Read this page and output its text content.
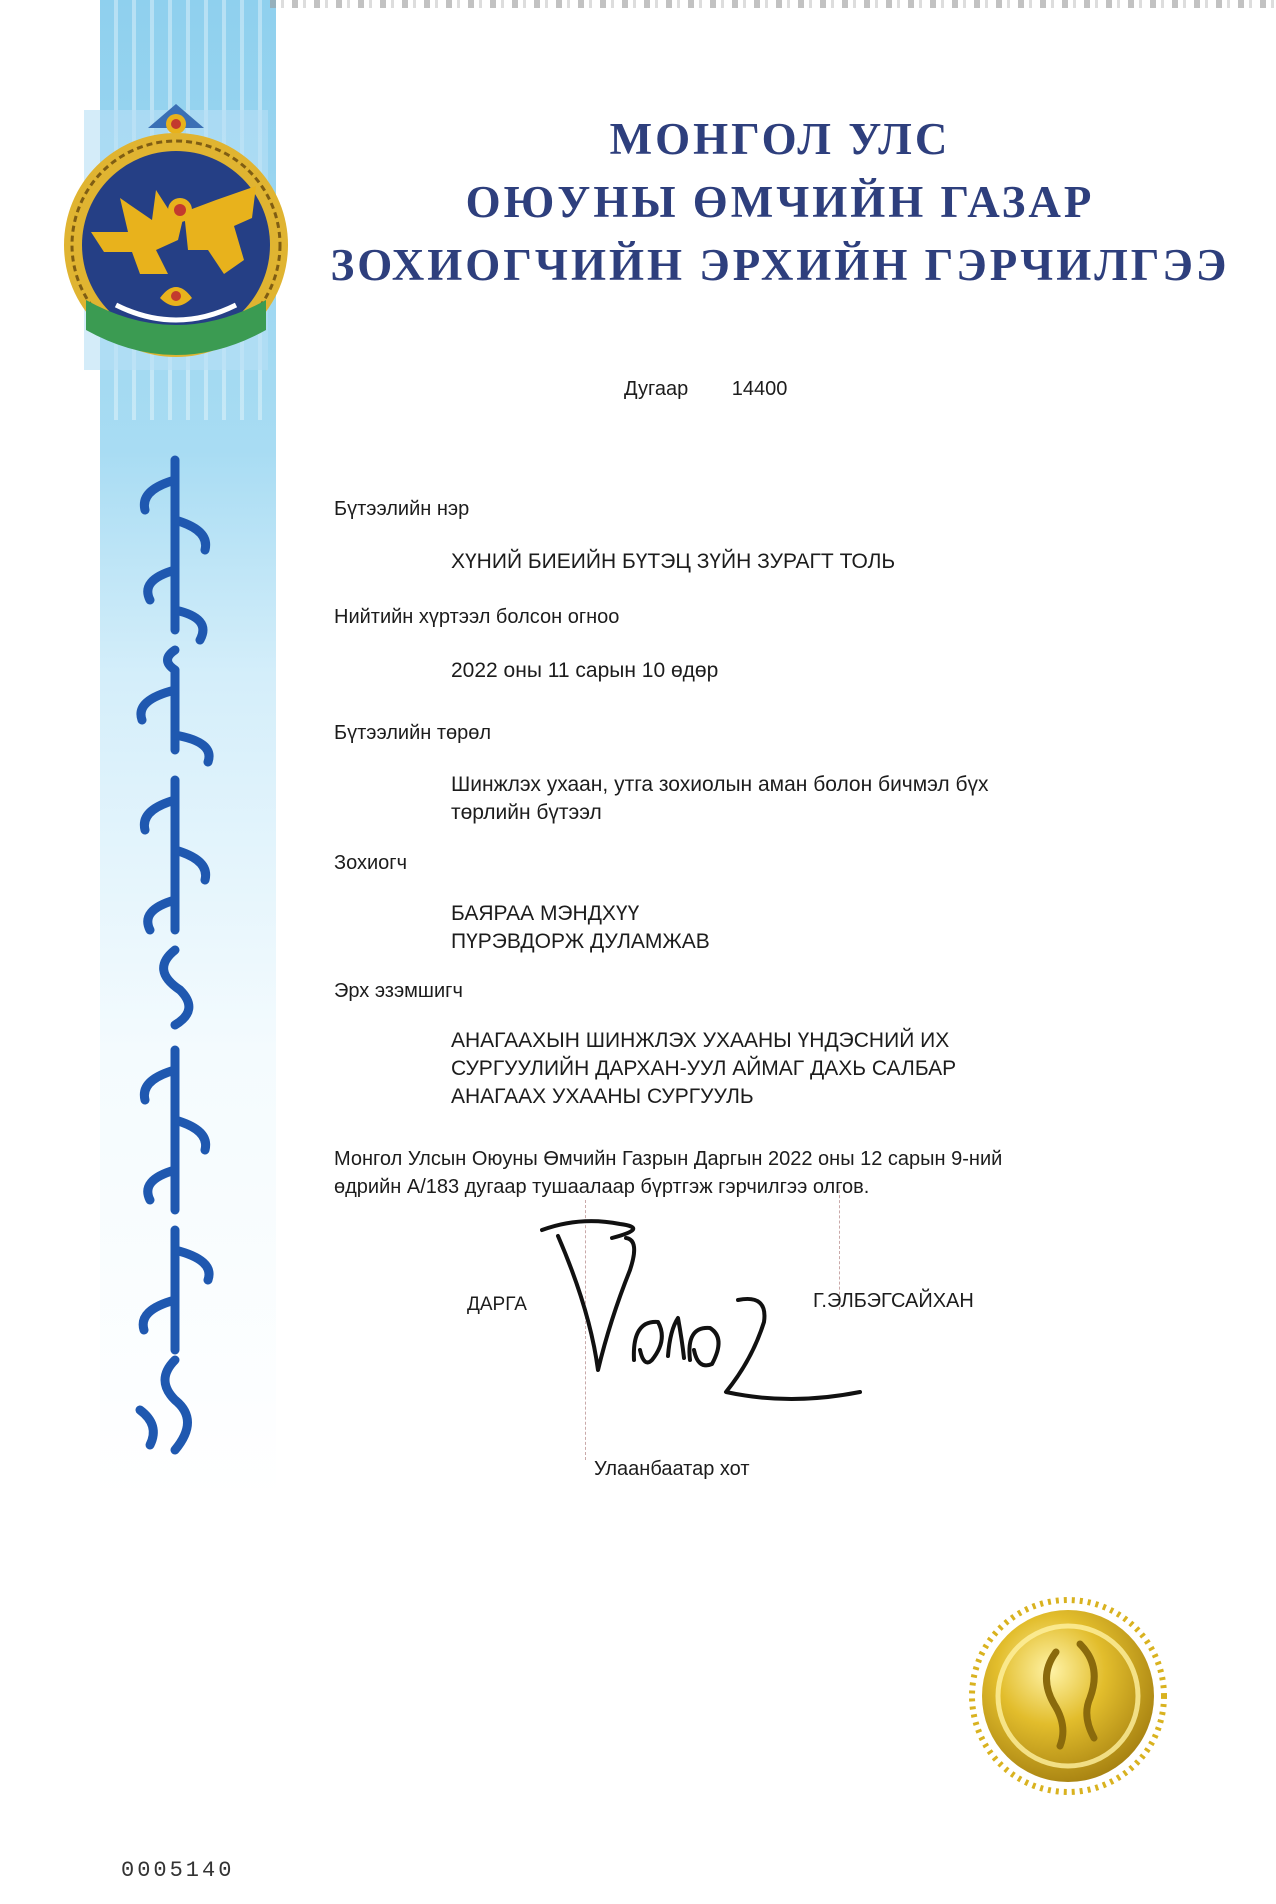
МОНГОЛ УЛС
ОЮУНЫ ӨМЧИЙН ГАЗАР
ЗОХИОГЧИЙН ЭРХИЙН ГЭРЧИЛГЭЭ
Дугаар 14400
Бүтээлийн нэр
ХҮНИЙ БИЕИЙН БҮТЭЦ ЗҮЙН ЗУРАГТ ТОЛЬ
Нийтийн хүртээл болсон огноо
2022 оны 11 сарын 10 өдөр
Бүтээлийн төрөл
Шинжлэх ухаан, утга зохиолын аман болон бичмэл бүх
төрлийн бүтээл
Зохиогч
БАЯРАА МЭНДХҮҮ
ПҮРЭВДОРЖ ДУЛАМЖАВ
Эрх эзэмшигч
АНАГААХЫН ШИНЖЛЭХ УХААНЫ ҮНДЭСНИЙ ИХ
СУРГУУЛИЙН ДАРХАН-УУЛ АЙМАГ ДАХЬ САЛБАР
АНАГААХ УХААНЫ СУРГУУЛЬ
Монгол Улсын Оюуны Өмчийн Газрын Даргын 2022 оны 12 сарын 9-ний
өдрийн А/183 дугаар тушаалаар бүртгэж гэрчилгээ олгов.
ДАРГА	Г.ЭЛБЭГСАЙХАН
Улаанбаатар хот
0005140
